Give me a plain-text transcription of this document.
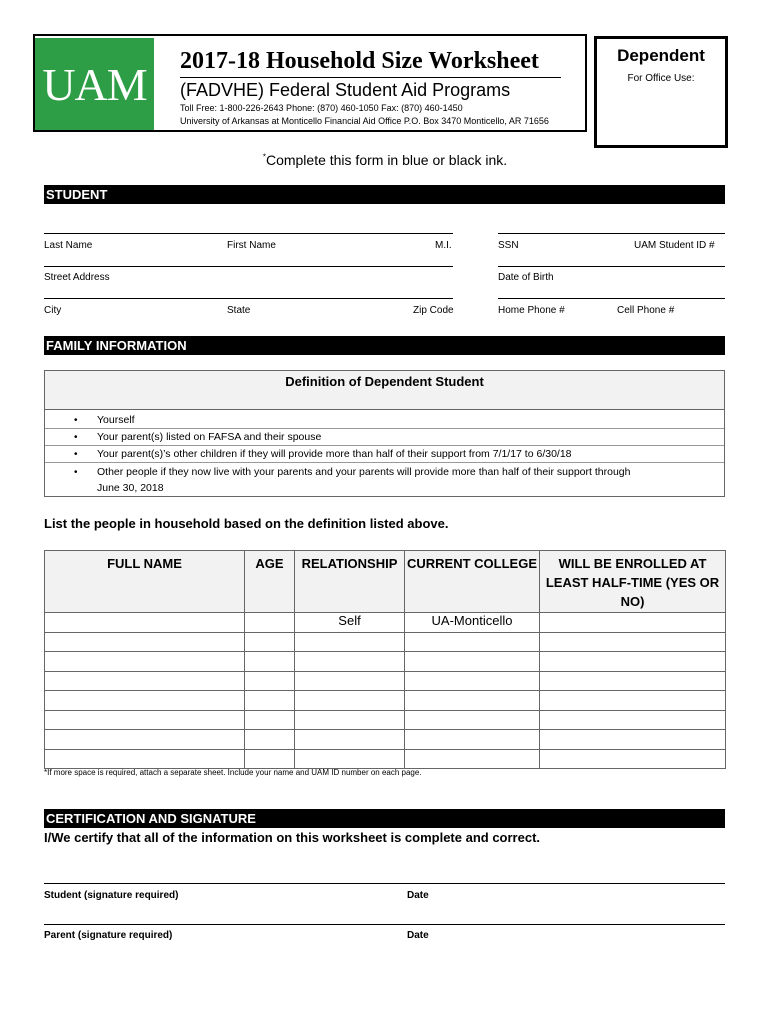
UAM 2017-18 Household Size Worksheet
(FADVHE) Federal Student Aid Programs
Toll Free: 1-800-226-2643 Phone: (870) 460-1050 Fax: (870) 460-1450
University of Arkansas at Monticello Financial Aid Office P.O. Box 3470 Monticello, AR 71656
Dependent
For Office Use:
*Complete this form in blue or black ink.
STUDENT
Last Name	First Name	M.I.	SSN	UAM Student ID #
Street Address	Date of Birth
City	State	Zip Code	Home Phone #	Cell Phone #
FAMILY INFORMATION
Definition of Dependent Student
• Yourself
• Your parent(s) listed on FAFSA and their spouse
• Your parent(s)’s other children if they will provide more than half of their support from 7/1/17 to 6/30/18
• Other people if they now live with your parents and your parents will provide more than half of their support through
June 30, 2018
List the people in household based on the definition listed above.
FULL NAME	AGE	RELATIONSHIP	CURRENT COLLEGE	WILL BE ENROLLED AT LEAST HALF-TIME (YES OR NO)
		Self	UA-Monticello	

*If more space is required, attach a separate sheet. Include your name and UAM ID number on each page.
CERTIFICATION AND SIGNATURE
I/We certify that all of the information on this worksheet is complete and correct.
Student (signature required)	Date
Parent (signature required)	Date
